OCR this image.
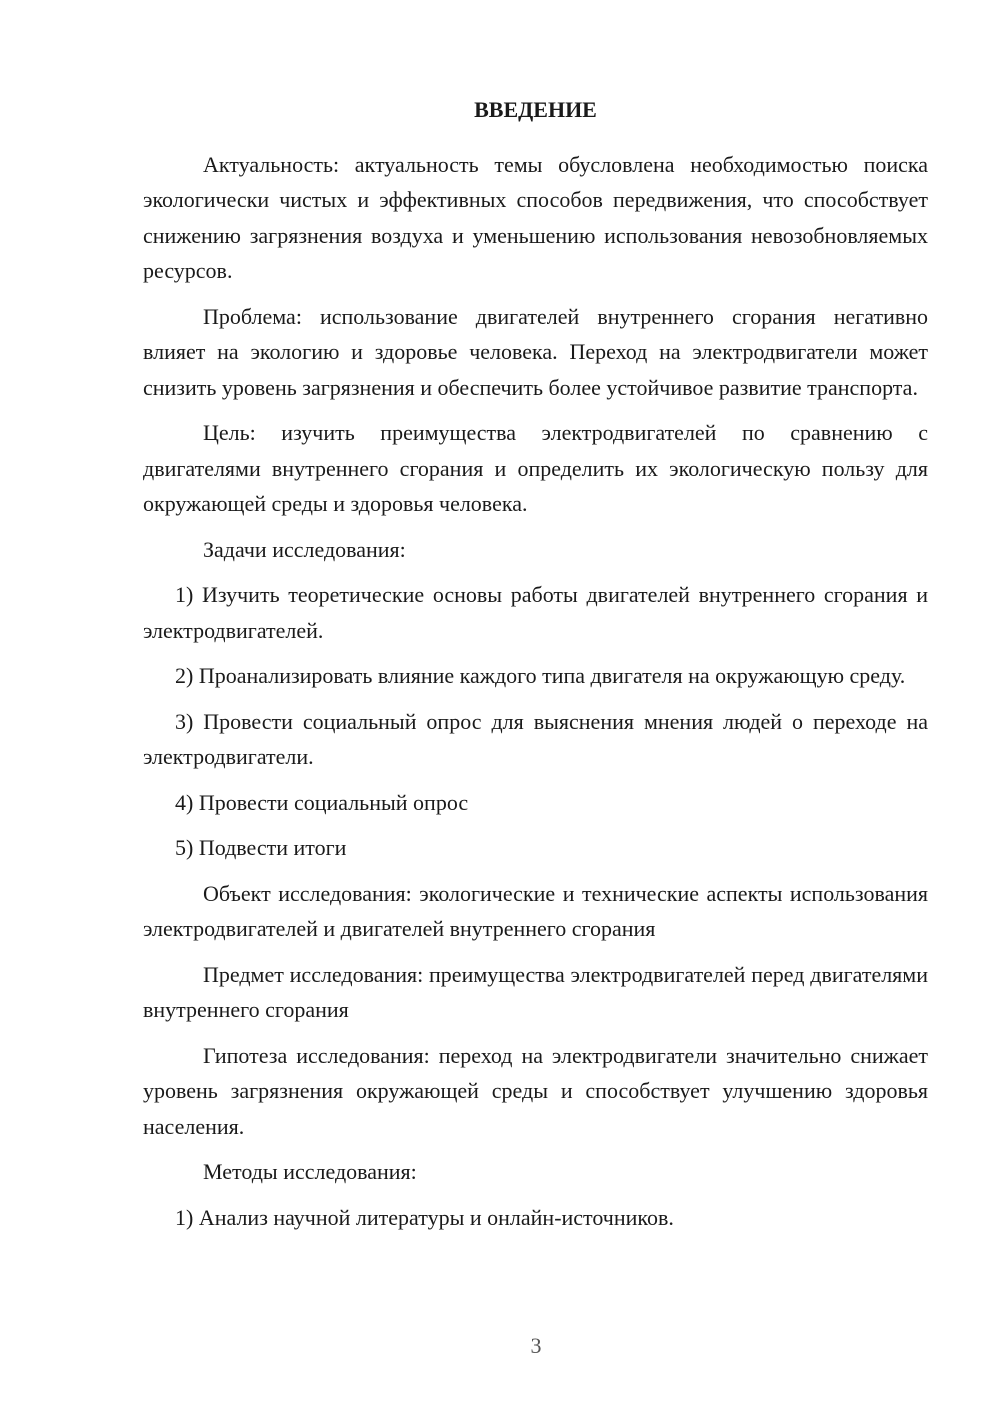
ВВЕДЕНИЕ

Актуальность: актуальность темы обусловлена необходимостью поиска экологически чистых и эффективных способов передвижения, что способствует снижению загрязнения воздуха и уменьшению использования невозобновляемых ресурсов.

Проблема: использование двигателей внутреннего сгорания негативно влияет на экологию и здоровье человека. Переход на электродвигатели может снизить уровень загрязнения и обеспечить более устойчивое развитие транспорта.

Цель: изучить преимущества электродвигателей по сравнению с двигателями внутреннего сгорания и определить их экологическую пользу для окружающей среды и здоровья человека.

Задачи исследования:

1) Изучить теоретические основы работы двигателей внутреннего сгорания и электродвигателей.

2) Проанализировать влияние каждого типа двигателя на окружающую среду.

3) Провести социальный опрос для выяснения мнения людей о переходе на электродвигатели.

4) Провести социальный опрос

5) Подвести итоги

Объект исследования: экологические и технические аспекты использования электродвигателей и двигателей внутреннего сгорания

Предмет исследования: преимущества электродвигателей перед двигателями внутреннего сгорания

Гипотеза исследования: переход на электродвигатели значительно снижает уровень загрязнения окружающей среды и способствует улучшению здоровья населения.

Методы исследования:

1) Анализ научной литературы и онлайн-источников.

3
